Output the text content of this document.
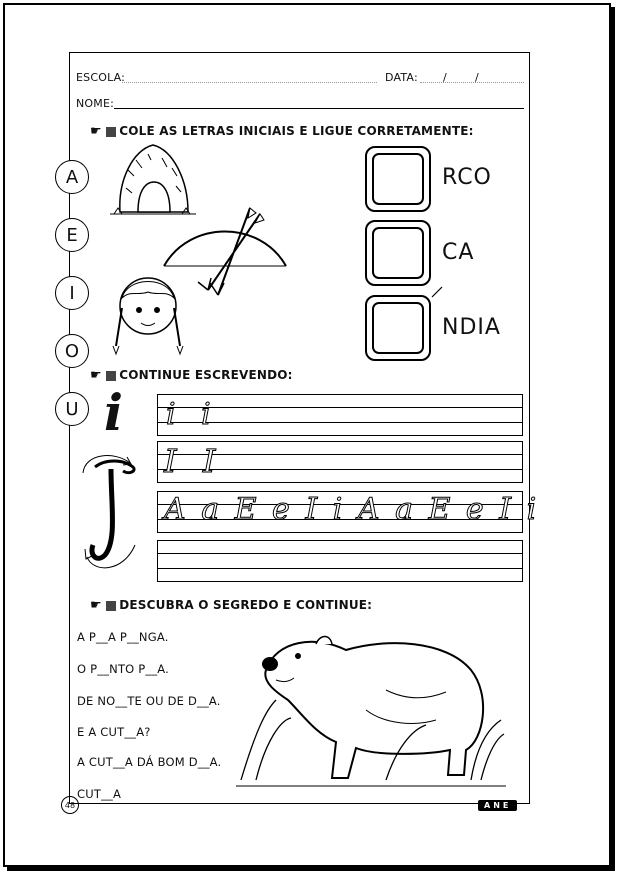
ESCOLA:	DATA: /	/
NOME:
☛ COLE AS LETRAS INICIAIS E LIGUE CORRETAMENTE:
A
E
I
O
U
RCO
CA
NDIA
☛ CONTINUE ESCREVENDO:
i i i
I I
A a E e I i A a E e I i
☛ DESCUBRA O SEGREDO E CONTINUE:
A P__A P__NGA.
O P__NTO P__A.
DE NO__TE OU DE D__A.
E A CUT__A?
A CUT__A DÁ BOM D__A.
CUT__A
48	ANE
